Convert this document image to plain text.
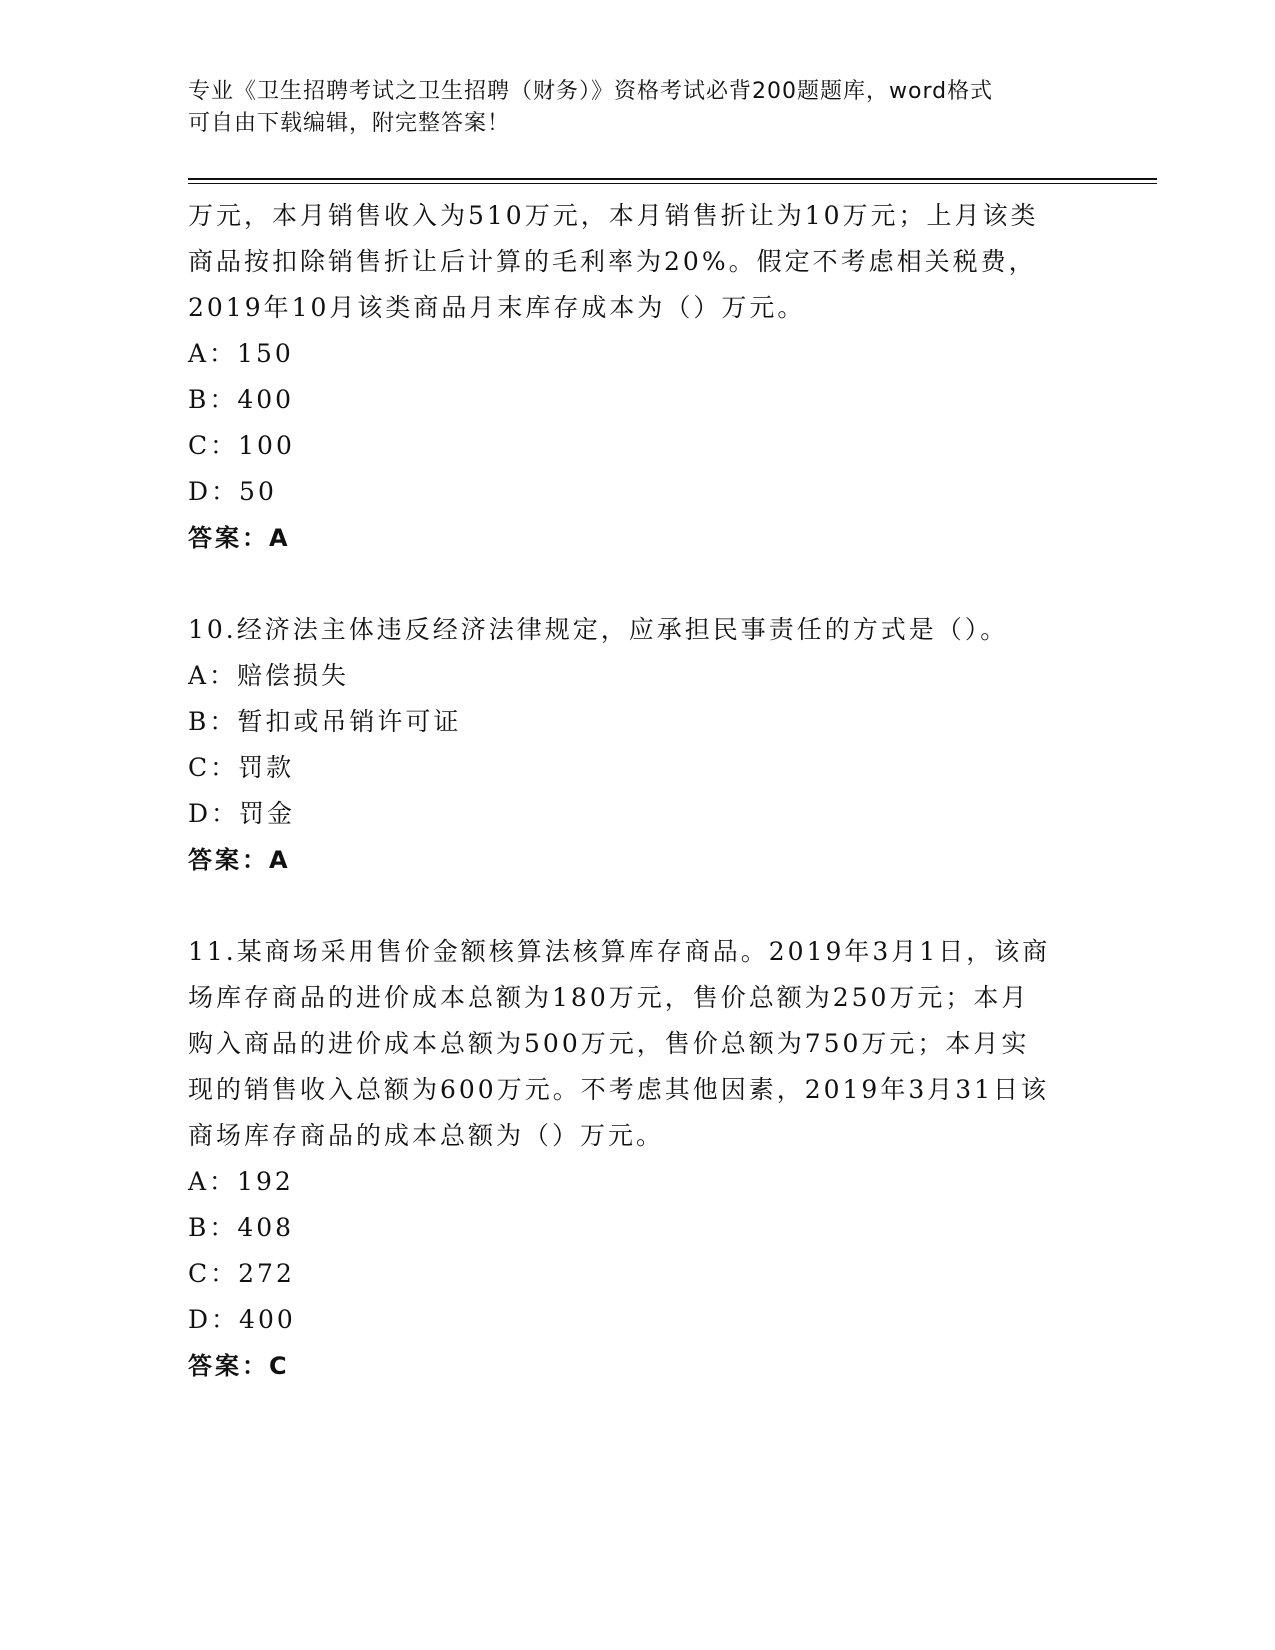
专业《卫生招聘考试之卫生招聘（财务）》资格考试必背200题题库，word格式
可自由下载编辑，附完整答案！
万元，本月销售收入为510万元，本月销售折让为10万元；上月该类
商品按扣除销售折让后计算的毛利率为20%。假定不考虑相关税费，
2019年10月该类商品月末库存成本为（）万元。
A：150
B：400
C：100
D：50
答案：A
10.经济法主体违反经济法律规定，应承担民事责任的方式是（）。
A：赔偿损失
B：暂扣或吊销许可证
C：罚款
D：罚金
答案：A
11.某商场采用售价金额核算法核算库存商品。2019年3月1日，该商
场库存商品的进价成本总额为180万元，售价总额为250万元；本月
购入商品的进价成本总额为500万元，售价总额为750万元；本月实
现的销售收入总额为600万元。不考虑其他因素，2019年3月31日该
商场库存商品的成本总额为（）万元。
A：192
B：408
C：272
D：400
答案：C
